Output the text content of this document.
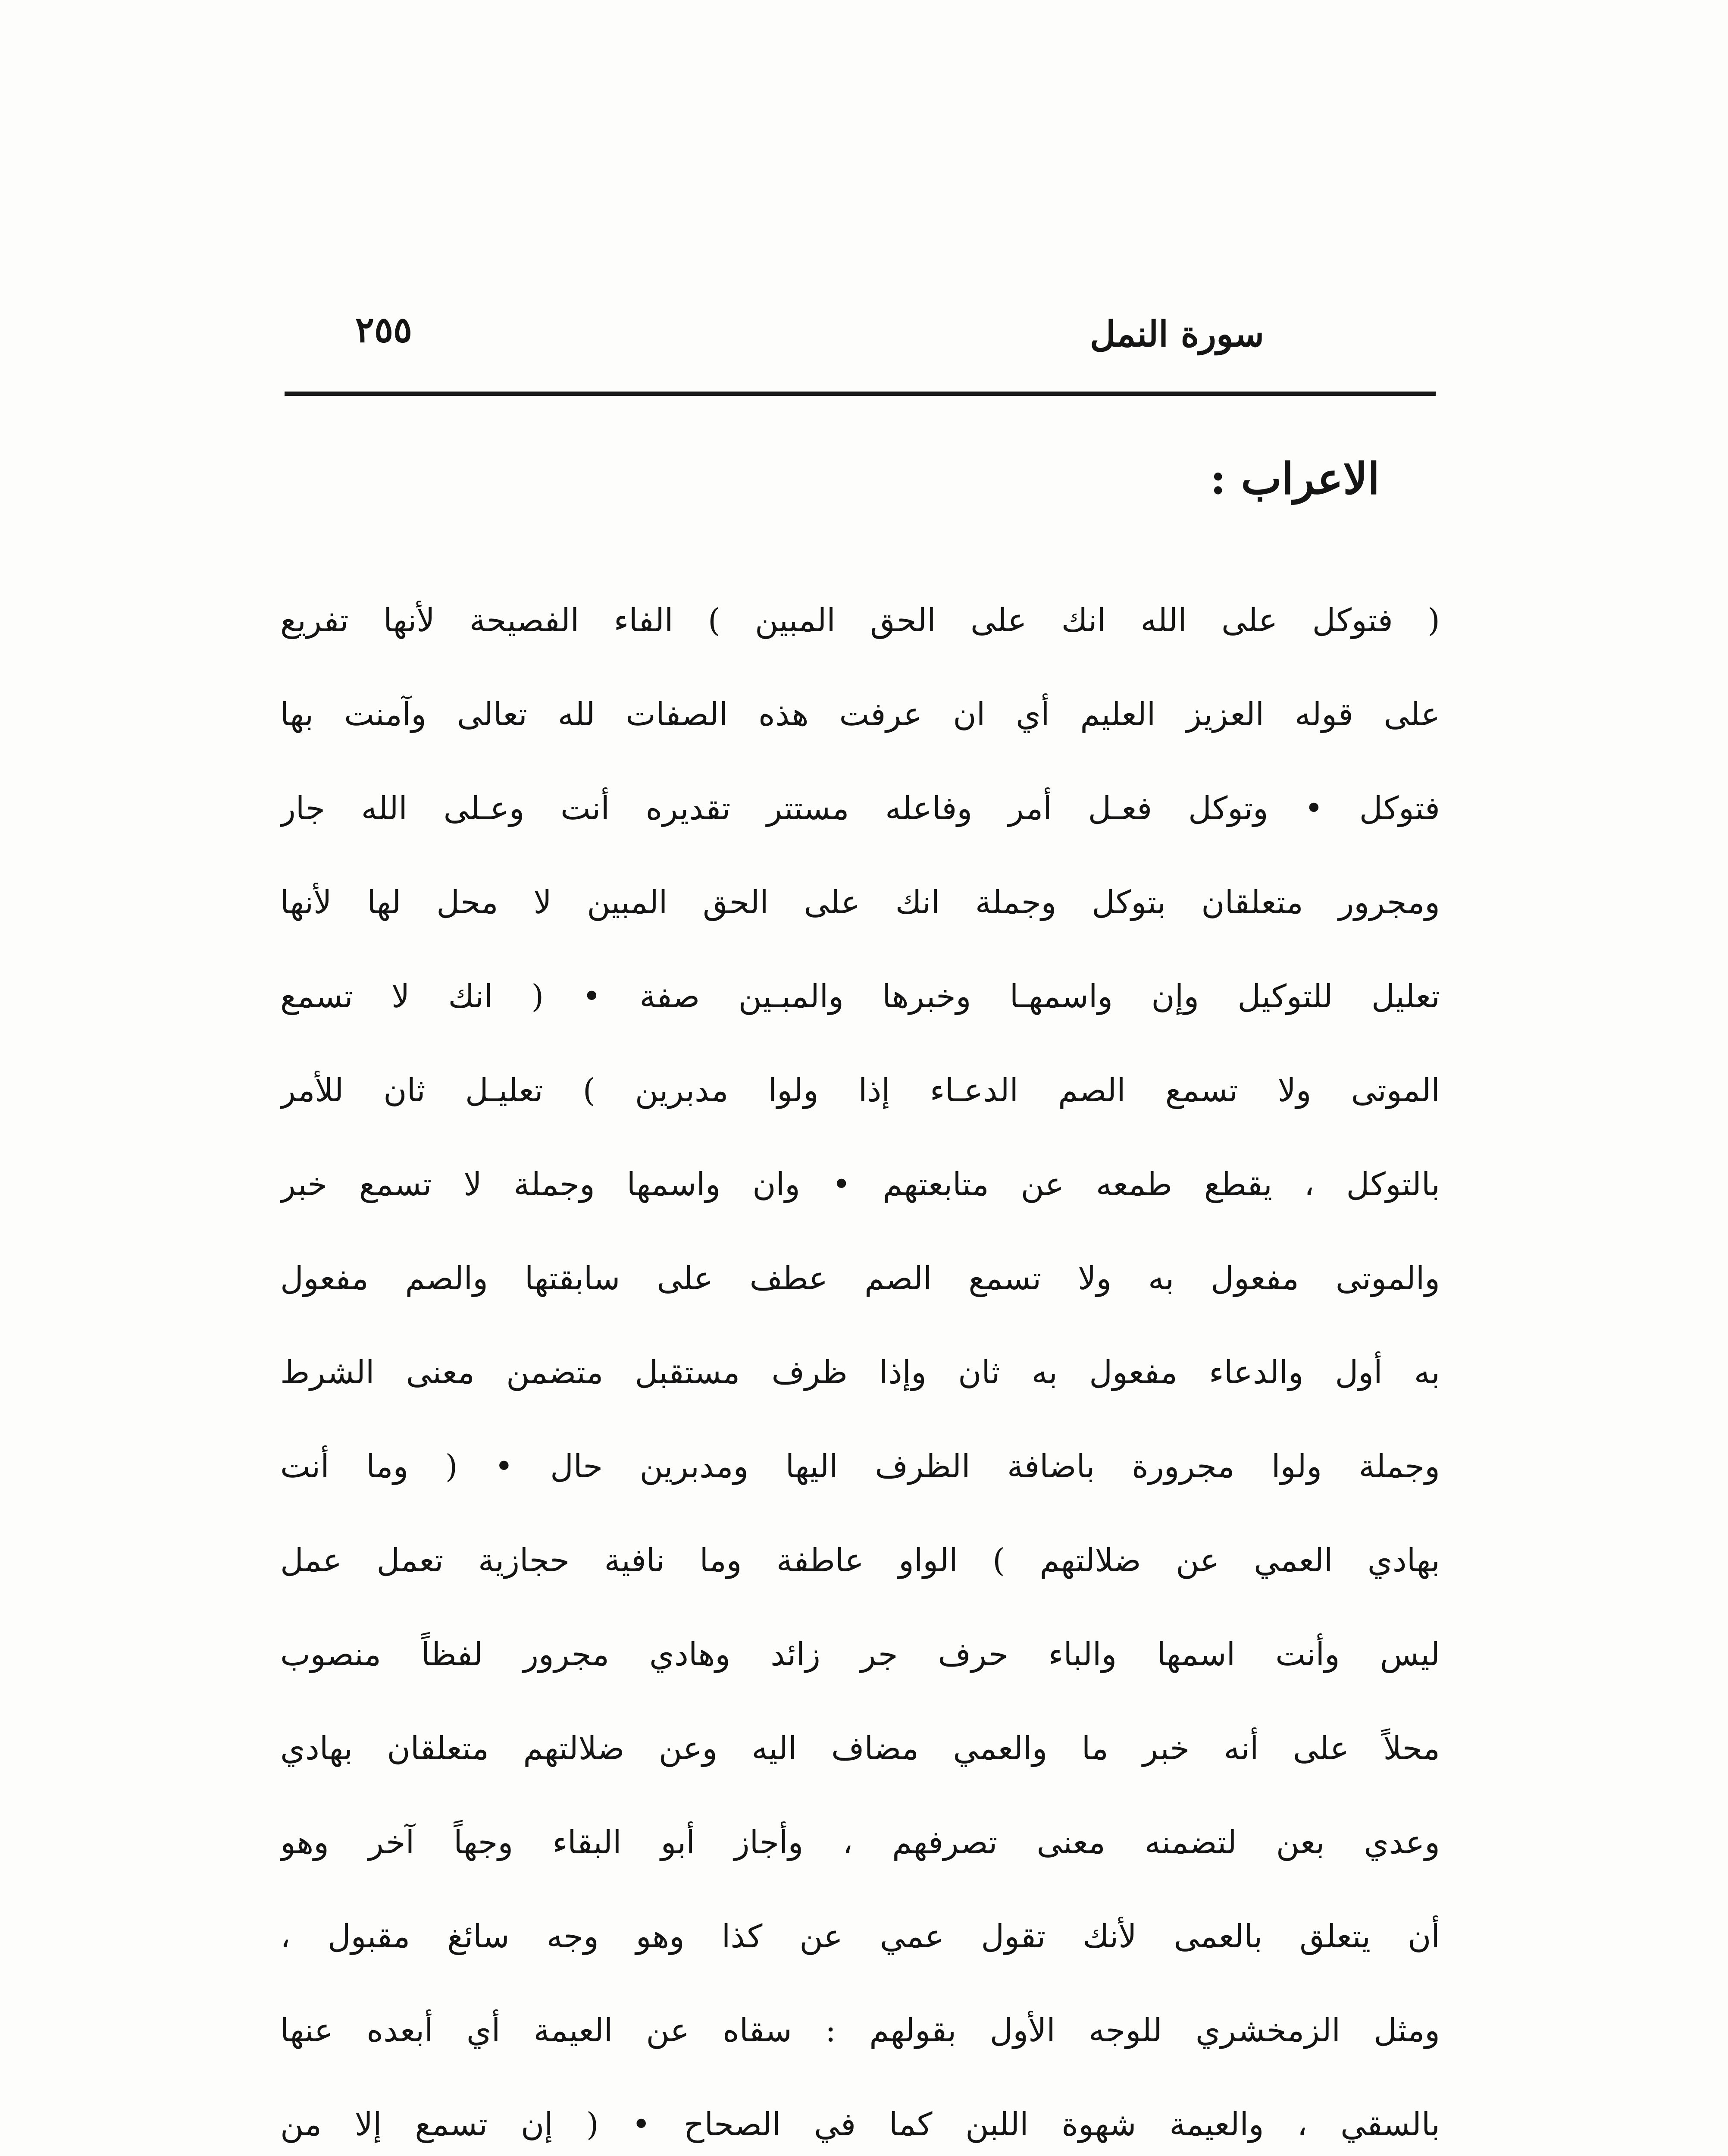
سورة النمل
٢٥٥
الاعراب :
( فتوكل على الله انك على الحق المبين ) الفاء الفصيحة لأنها تفريع
على قوله العزيز العليم أي ان عرفت هذه الصفات لله تعالى وآمنت بها
فتوكل • وتوكل فعـل أمر وفاعله مستتر تقديره أنت وعـلى الله جار
ومجرور متعلقان بتوكل وجملة انك على الحق المبين لا محل لها لأنها
تعليل للتوكيل وإن واسمهـا وخبرها والمبـين صفة • ( انك لا تسمع
الموتى ولا تسمع الصم الدعـاء إذا ولوا مدبرين ) تعليـل ثان للأمر
بالتوكل ، يقطع طمعه عن متابعتهم • وان واسمها وجملة لا تسمع خبر
والموتى مفعول به ولا تسمع الصم عطف على سابقتها والصم مفعول
به أول والدعاء مفعول به ثان وإذا ظرف مستقبل متضمن معنى الشرط
وجملة ولوا مجرورة باضافة الظرف اليها ومدبرين حال • ( وما أنت
بهادي العمي عن ضلالتهم ) الواو عاطفة وما نافية حجازية تعمل عمل
ليس وأنت اسمها والباء حرف جر زائد وهادي مجرور لفظاً منصوب
محلاً على أنه خبر ما والعمي مضاف اليه وعن ضلالتهم متعلقان بهادي
وعدي بعن لتضمنه معنى تصرفهم ، وأجاز أبو البقاء وجهاً آخر وهو
أن يتعلق بالعمى لأنك تقول عمي عن كذا وهو وجه سائغ مقبول ،
ومثل الزمخشري للوجه الأول بقولهم : سقاه عن العيمة أي أبعده عنها
بالسقي ، والعيمة شهوة اللبن كما في الصحاح • ( إن تسمع إلا من
